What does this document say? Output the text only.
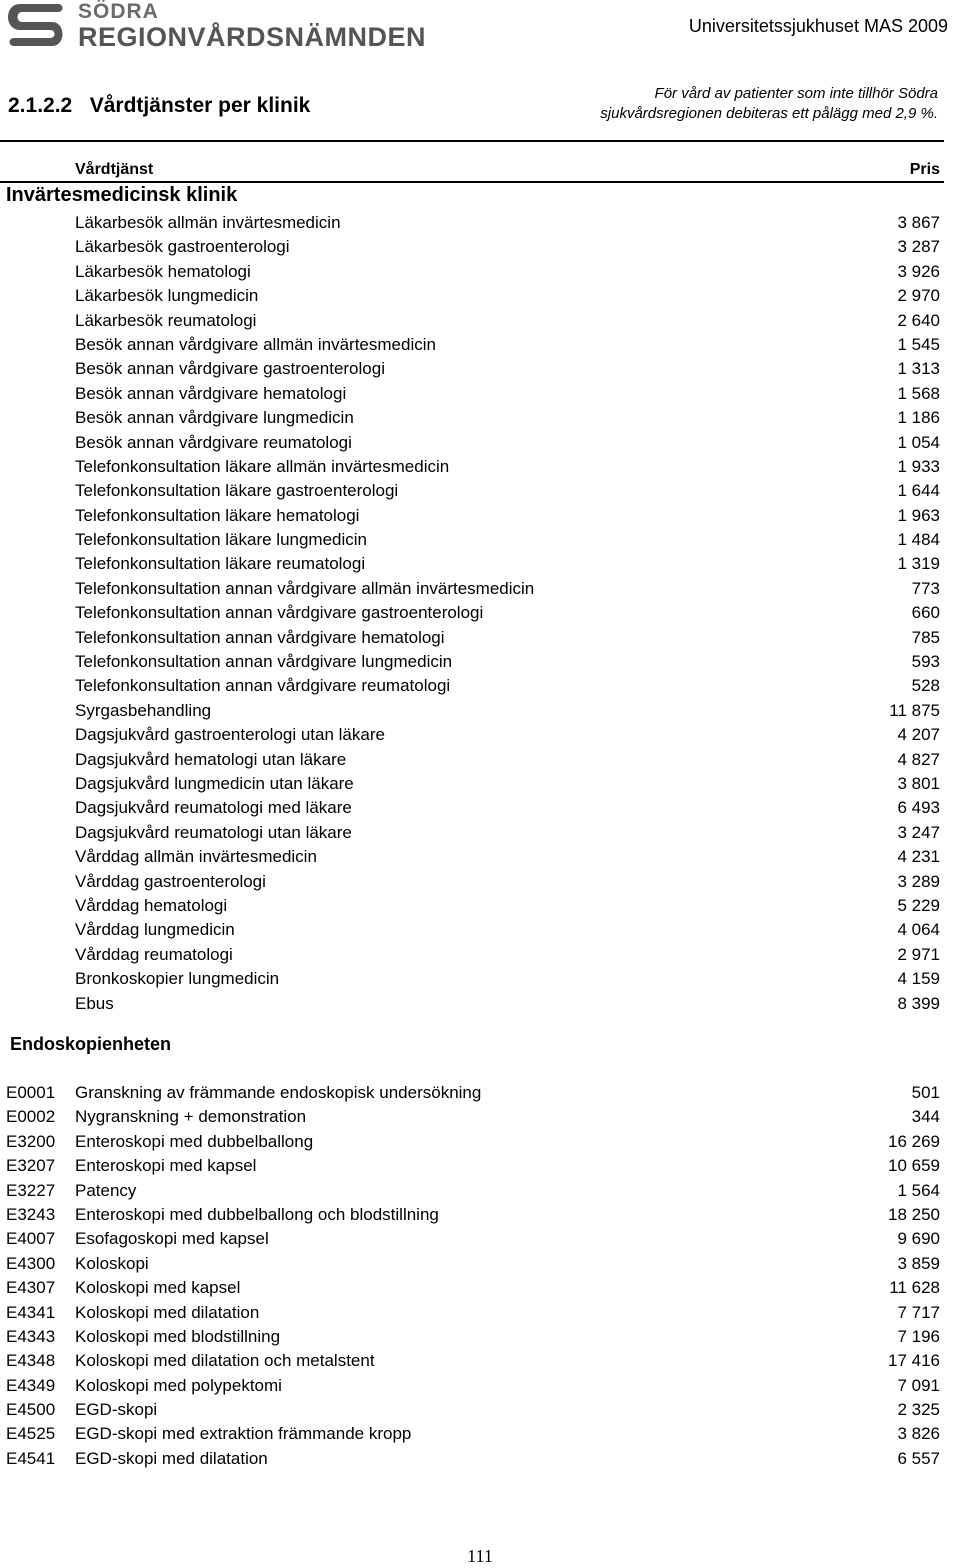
SÖDRA
REGIONVÅRDSNÄMNDEN	Universitetssjukhuset MAS 2009
2.1.2.2 Vårdtjänster per klinik
För vård av patienter som inte tillhör Södra
sjukvårdsregionen debiteras ett pålägg med 2,9 %.
Vårdtjänst	Pris
Invärtesmedicinsk klinik
Läkarbesök allmän invärtesmedicin	3 867
Läkarbesök gastroenterologi	3 287
Läkarbesök hematologi	3 926
Läkarbesök lungmedicin	2 970
Läkarbesök reumatologi	2 640
Besök annan vårdgivare allmän invärtesmedicin	1 545
Besök annan vårdgivare gastroenterologi	1 313
Besök annan vårdgivare hematologi	1 568
Besök annan vårdgivare lungmedicin	1 186
Besök annan vårdgivare reumatologi	1 054
Telefonkonsultation läkare allmän invärtesmedicin	1 933
Telefonkonsultation läkare gastroenterologi	1 644
Telefonkonsultation läkare hematologi	1 963
Telefonkonsultation läkare lungmedicin	1 484
Telefonkonsultation läkare reumatologi	1 319
Telefonkonsultation annan vårdgivare allmän invärtesmedicin	773
Telefonkonsultation annan vårdgivare gastroenterologi	660
Telefonkonsultation annan vårdgivare hematologi	785
Telefonkonsultation annan vårdgivare lungmedicin	593
Telefonkonsultation annan vårdgivare reumatologi	528
Syrgasbehandling	11 875
Dagsjukvård gastroenterologi utan läkare	4 207
Dagsjukvård hematologi utan läkare	4 827
Dagsjukvård lungmedicin utan läkare	3 801
Dagsjukvård reumatologi med läkare	6 493
Dagsjukvård reumatologi utan läkare	3 247
Vårddag allmän invärtesmedicin	4 231
Vårddag gastroenterologi	3 289
Vårddag hematologi	5 229
Vårddag lungmedicin	4 064
Vårddag reumatologi	2 971
Bronkoskopier lungmedicin	4 159
Ebus	8 399
Endoskopienheten
E0001 Granskning av främmande endoskopisk undersökning	501
E0002 Nygranskning + demonstration	344
E3200 Enteroskopi med dubbelballong	16 269
E3207 Enteroskopi med kapsel	10 659
E3227 Patency	1 564
E3243 Enteroskopi med dubbelballong och blodstillning	18 250
E4007 Esofagoskopi med kapsel	9 690
E4300 Koloskopi	3 859
E4307 Koloskopi med kapsel	11 628
E4341 Koloskopi med dilatation	7 717
E4343 Koloskopi med blodstillning	7 196
E4348 Koloskopi med dilatation och metalstent	17 416
E4349 Koloskopi med polypektomi	7 091
E4500 EGD-skopi	2 325
E4525 EGD-skopi med extraktion främmande kropp	3 826
E4541 EGD-skopi med dilatation	6 557
111
